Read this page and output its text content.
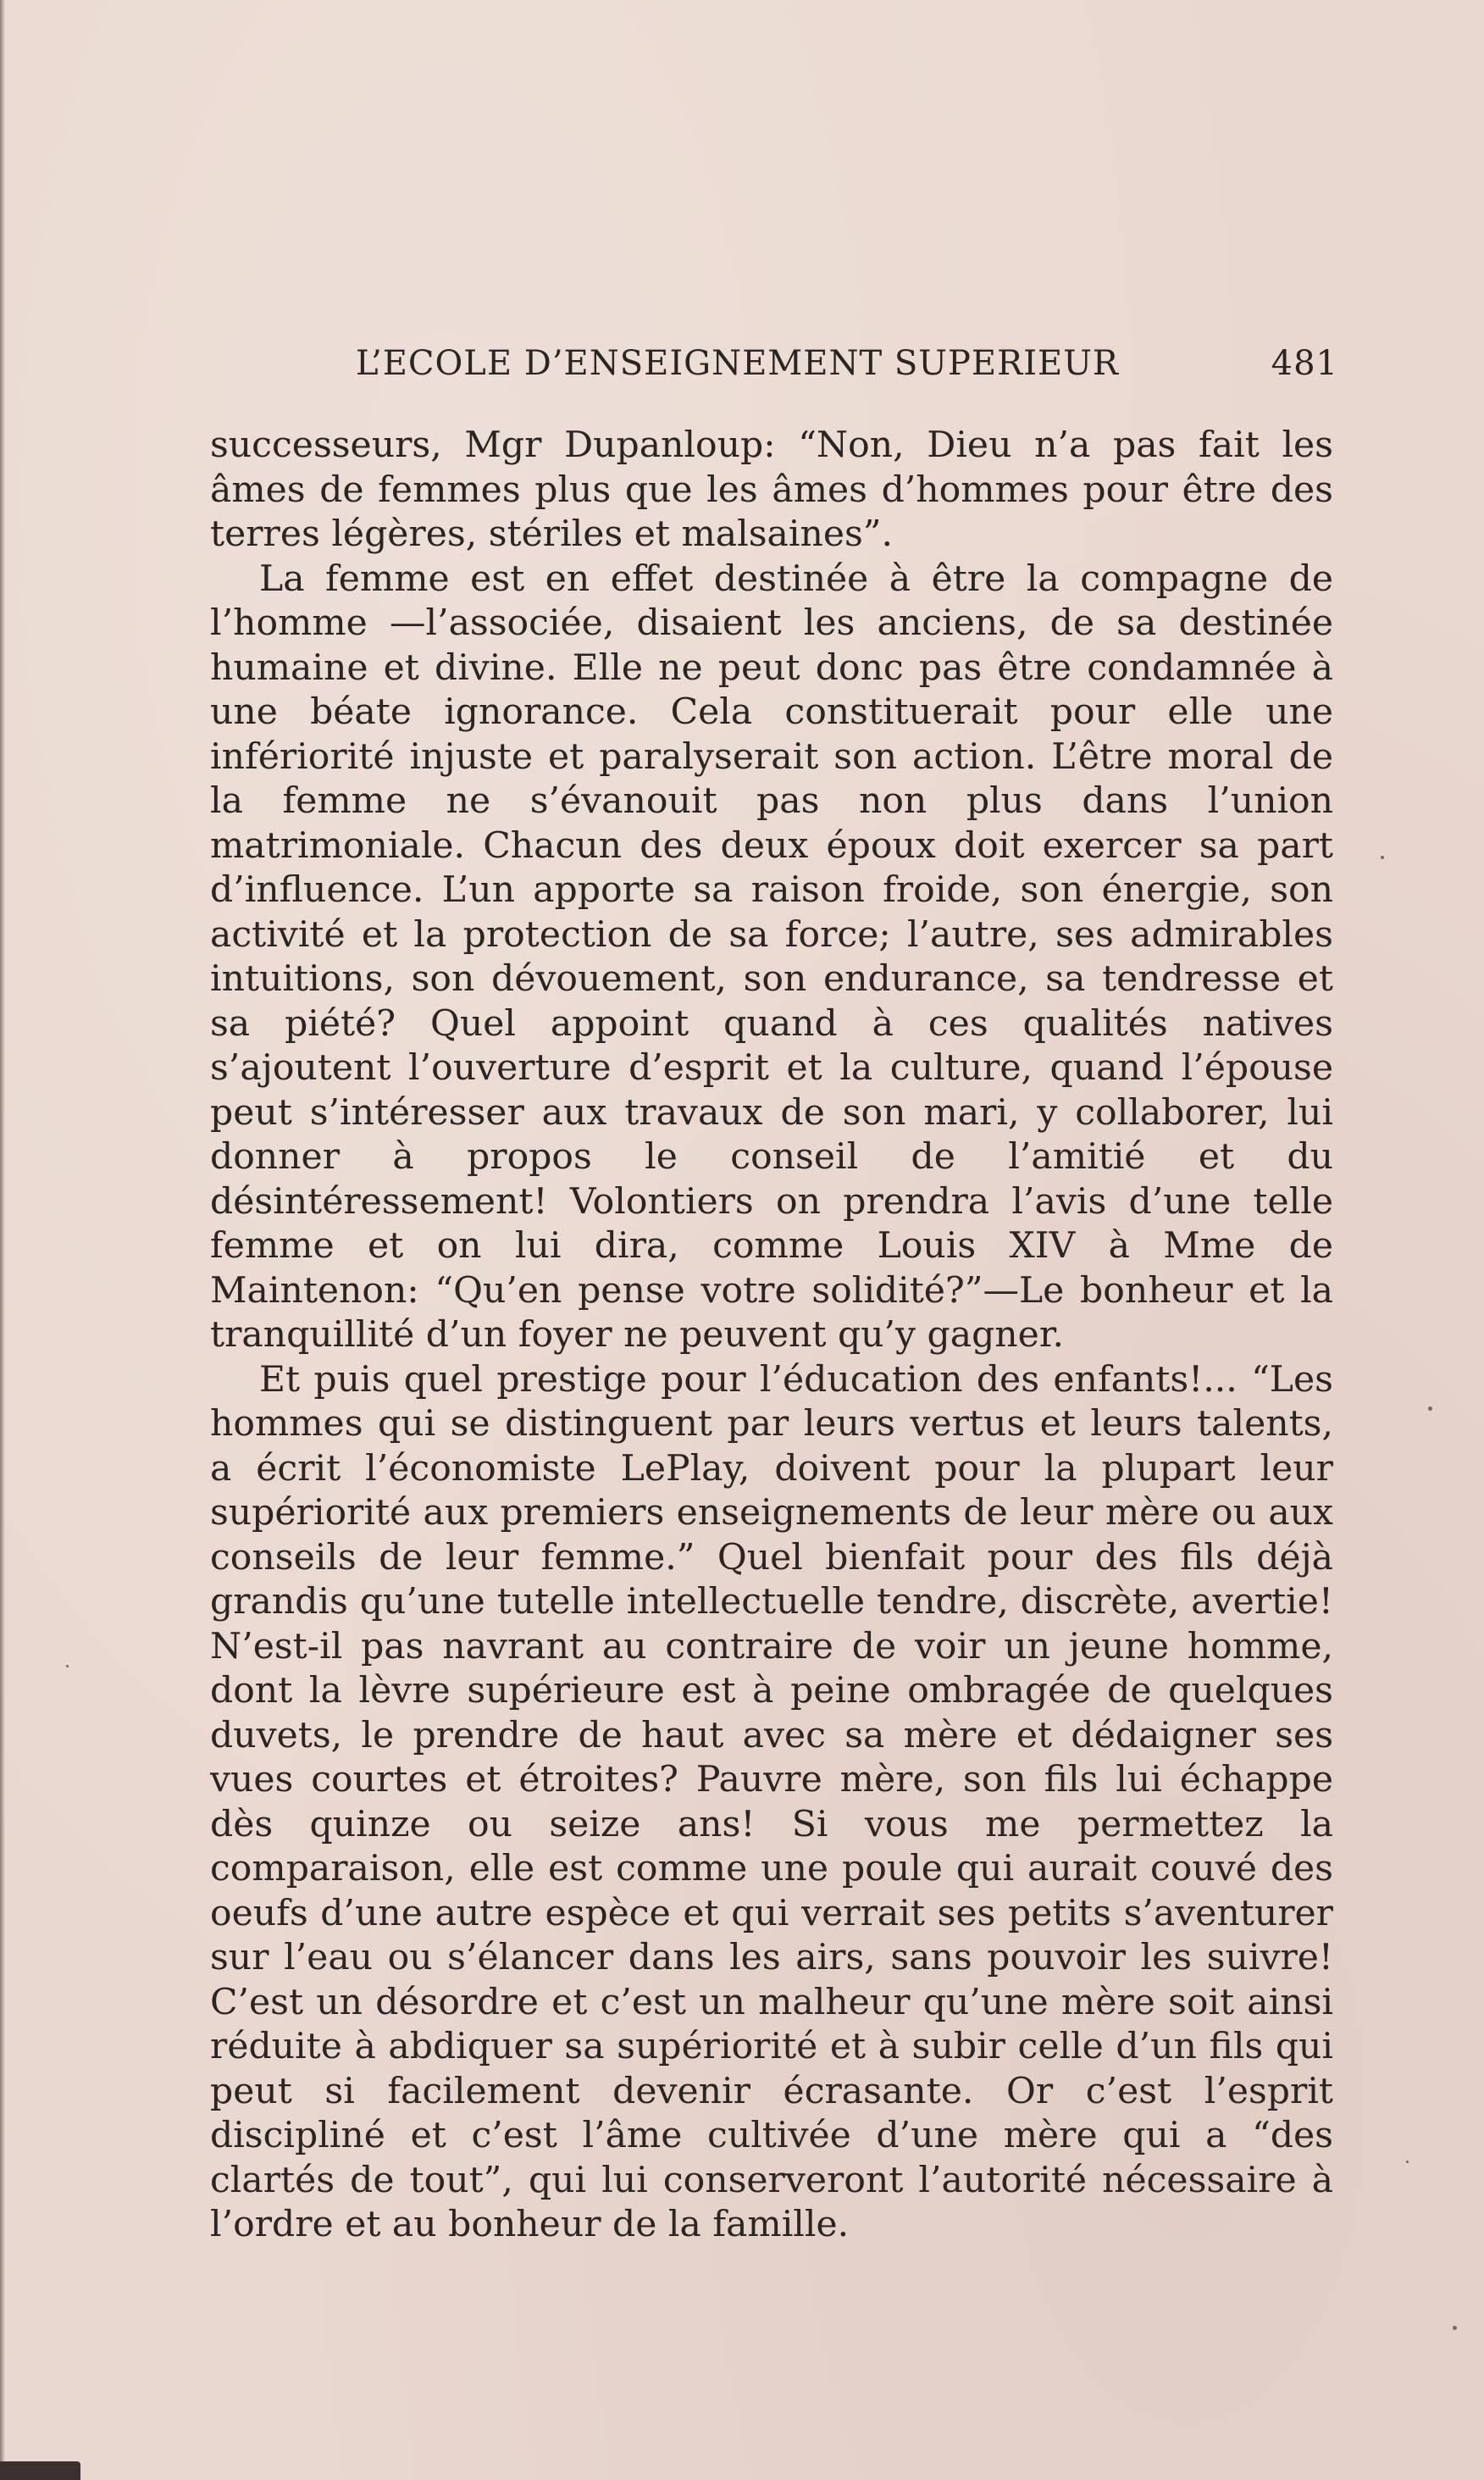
L’ECOLE D’ENSEIGNEMENT SUPERIEUR	481

successeurs, Mgr Dupanloup: “Non, Dieu n’a pas fait les âmes de femmes plus que les âmes d’hommes pour être des terres légères, stériles et malsaines”.

La femme est en effet destinée à être la compagne de l’homme —l’associée, disaient les anciens, de sa destinée humaine et divine. Elle ne peut donc pas être condamnée à une béate ignorance. Cela constituerait pour elle une infériorité injuste et paralyserait son action. L’être moral de la femme ne s’évanouit pas non plus dans l’union matrimoniale. Chacun des deux époux doit exercer sa part d’influence. L’un apporte sa raison froide, son énergie, son activité et la protection de sa force; l’autre, ses admirables intuitions, son dévouement, son endurance, sa tendresse et sa piété? Quel appoint quand à ces qualités natives s’ajoutent l’ouverture d’esprit et la culture, quand l’épouse peut s’intéresser aux travaux de son mari, y collaborer, lui donner à propos le conseil de l’amitié et du désintéressement! Volontiers on prendra l’avis d’une telle femme et on lui dira, comme Louis XIV à Mme de Maintenon: “Qu’en pense votre solidité?”—Le bonheur et la tranquillité d’un foyer ne peuvent qu’y gagner.

Et puis quel prestige pour l’éducation des enfants!... “Les hommes qui se distinguent par leurs vertus et leurs talents, a écrit l’économiste LePlay, doivent pour la plupart leur supériorité aux premiers enseignements de leur mère ou aux conseils de leur femme.” Quel bienfait pour des fils déjà grandis qu’une tutelle intellectuelle tendre, discrète, avertie! N’est-il pas navrant au contraire de voir un jeune homme, dont la lèvre supérieure est à peine ombragée de quelques duvets, le prendre de haut avec sa mère et dédaigner ses vues courtes et étroites? Pauvre mère, son fils lui échappe dès quinze ou seize ans! Si vous me permettez la comparaison, elle est comme une poule qui aurait couvé des oeufs d’une autre espèce et qui verrait ses petits s’aventurer sur l’eau ou s’élancer dans les airs, sans pouvoir les suivre! C’est un désordre et c’est un malheur qu’une mère soit ainsi réduite à abdiquer sa supériorité et à subir celle d’un fils qui peut si facilement devenir écrasante. Or c’est l’esprit discipliné et c’est l’âme cultivée d’une mère qui a “des clartés de tout”, qui lui conserveront l’autorité nécessaire à l’ordre et au bonheur de la famille.
